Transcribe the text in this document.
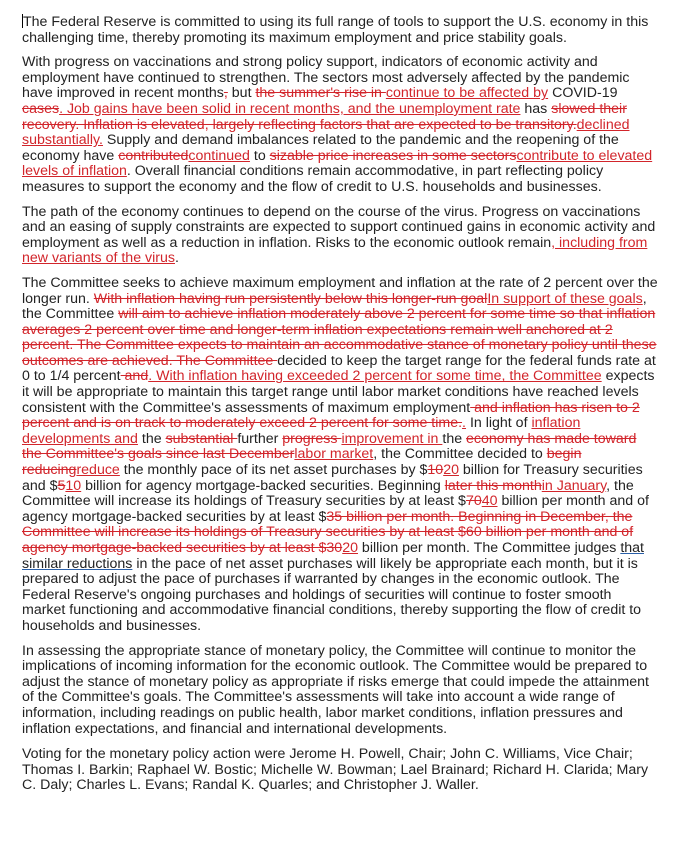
The Federal Reserve is committed to using its full range of tools to support the U.S. economy in this challenging time, thereby promoting its maximum employment and price stability goals.

With progress on vaccinations and strong policy support, indicators of economic activity and employment have continued to strengthen. The sectors most adversely affected by the pandemic have improved in recent months, but the summer's rise in continue to be affected by COVID-19 cases. Job gains have been solid in recent months, and the unemployment rate has slowed their recovery. Inflation is elevated, largely reflecting factors that are expected to be transitory.declined substantially. Supply and demand imbalances related to the pandemic and the reopening of the economy have contributedcontinued to sizable price increases in some sectorscontribute to elevated levels of inflation. Overall financial conditions remain accommodative, in part reflecting policy measures to support the economy and the flow of credit to U.S. households and businesses.

The path of the economy continues to depend on the course of the virus. Progress on vaccinations and an easing of supply constraints are expected to support continued gains in economic activity and employment as well as a reduction in inflation. Risks to the economic outlook remain, including from new variants of the virus.

The Committee seeks to achieve maximum employment and inflation at the rate of 2 percent over the longer run. With inflation having run persistently below this longer-run goalIn support of these goals, the Committee will aim to achieve inflation moderately above 2 percent for some time so that inflation averages 2 percent over time and longer-term inflation expectations remain well anchored at 2 percent. The Committee expects to maintain an accommodative stance of monetary policy until these outcomes are achieved. The Committee decided to keep the target range for the federal funds rate at 0 to 1/4 percent and. With inflation having exceeded 2 percent for some time, the Committee expects it will be appropriate to maintain this target range until labor market conditions have reached levels consistent with the Committee's assessments of maximum employment and inflation has risen to 2 percent and is on track to moderately exceed 2 percent for some time.. In light of inflation developments and the substantial further progress improvement in the economy has made toward the Committee's goals since last Decemberlabor market, the Committee decided to begin reducingreduce the monthly pace of its net asset purchases by $1020 billion for Treasury securities and $510 billion for agency mortgage-backed securities. Beginning later this monthin January, the Committee will increase its holdings of Treasury securities by at least $7040 billion per month and of agency mortgage-backed securities by at least $35 billion per month. Beginning in December, the Committee will increase its holdings of Treasury securities by at least $60 billion per month and of agency mortgage-backed securities by at least $3020 billion per month. The Committee judges that similar reductions in the pace of net asset purchases will likely be appropriate each month, but it is prepared to adjust the pace of purchases if warranted by changes in the economic outlook. The Federal Reserve's ongoing purchases and holdings of securities will continue to foster smooth market functioning and accommodative financial conditions, thereby supporting the flow of credit to households and businesses.

In assessing the appropriate stance of monetary policy, the Committee will continue to monitor the implications of incoming information for the economic outlook. The Committee would be prepared to adjust the stance of monetary policy as appropriate if risks emerge that could impede the attainment of the Committee's goals. The Committee's assessments will take into account a wide range of information, including readings on public health, labor market conditions, inflation pressures and inflation expectations, and financial and international developments.

Voting for the monetary policy action were Jerome H. Powell, Chair; John C. Williams, Vice Chair; Thomas I. Barkin; Raphael W. Bostic; Michelle W. Bowman; Lael Brainard; Richard H. Clarida; Mary C. Daly; Charles L. Evans; Randal K. Quarles; and Christopher J. Waller.
